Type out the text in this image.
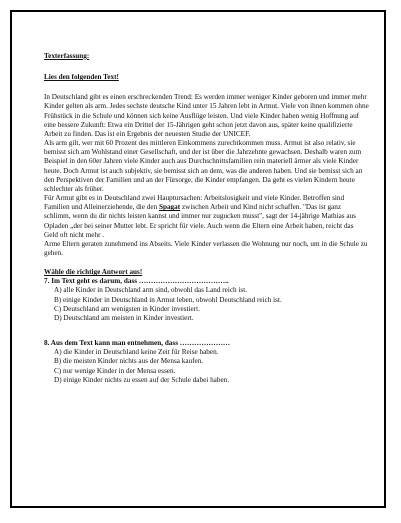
Texterfassung:
Lies den folgenden Text!

In Deutschland gibt es einen erschreckenden Trend: Es werden immer weniger Kinder geboren und immer mehr Kinder gelten als arm. Jedes sechste deutsche Kind unter 15 Jahren lebt in Armut. Viele von ihnen kommen ohne Frühstück in die Schule und können sich keine Ausflüge leisten. Und viele Kinder haben wenig Hoffnung auf eine bessere Zukunft: Etwa ein Drittel der 15-Jährigen geht schon jetzt davon aus, später keine qualifizierte Arbeit zu finden. Das ist ein Ergebnis der neuesten Studie der UNICEF.

Als arm gilt, wer mit 60 Prozent des mittleren Einkommens zurechtkommen muss. Armut ist also relativ, sie bemisst sich am Wohlstand einer Gesellschaft, und der ist über die Jahrzehnte gewachsen. Deshalb waren zum Beispiel in den 60er Jahren viele Kinder auch aus Durchschnittsfamilien rein materiell ärmer als viele Kinder heute. Doch Armut ist auch subjektiv, sie bemisst sich an dem, was die anderen haben. Und sie bemisst sich an den Perspektiven der Familien und an der Fürsorge, die Kinder empfangen. Da geht es vielen Kindern heute schlechter als früher.

Für Armut gibt es in Deutschland zwei Hauptursachen: Arbeitslosigkeit und viele Kinder. Betroffen sind Familien und Alleinerziehende, die den Spagat zwischen Arbeit und Kind nicht schaffen. "Das ist ganz schlimm, wenn du dir nichts leisten kannst und immer nur zugucken musst", sagt der 14-jährige Mathias aus Opladen „der bei seiner Mutter lebt. Er spricht für viele. Auch wenn die Eltern eine Arbeit haben, reicht das Geld oft nicht mehr .

Arme Eltern geraten zunehmend ins Abseits. Viele Kinder verlassen die Wohnung nur noch, um in die Schule zu gehen.

Wähle die richtige Antwort aus!
7. Im Text geht es darum, dass ………………………………..
A) alle Kinder in Deutschland arm sind, obwohl das Land reich ist.
B) einige Kinder in Deutschland in Armut leben, obwohl Deutschland reich ist.
C) Deutschland am wenigsten in Kinder investiert.
D) Deutschland am meisten in Kinder investiert.
8. Aus dem Text kann man entnehmen, dass …………………
A) die Kinder in Deutschland keine Zeit für Reise haben.
B) die meisten Kinder nichts aus der Mensa kaufen.
C) nur wenige Kinder in der Mensa essen.
D) einige Kinder nichts zu essen auf der Schule dabei haben.
